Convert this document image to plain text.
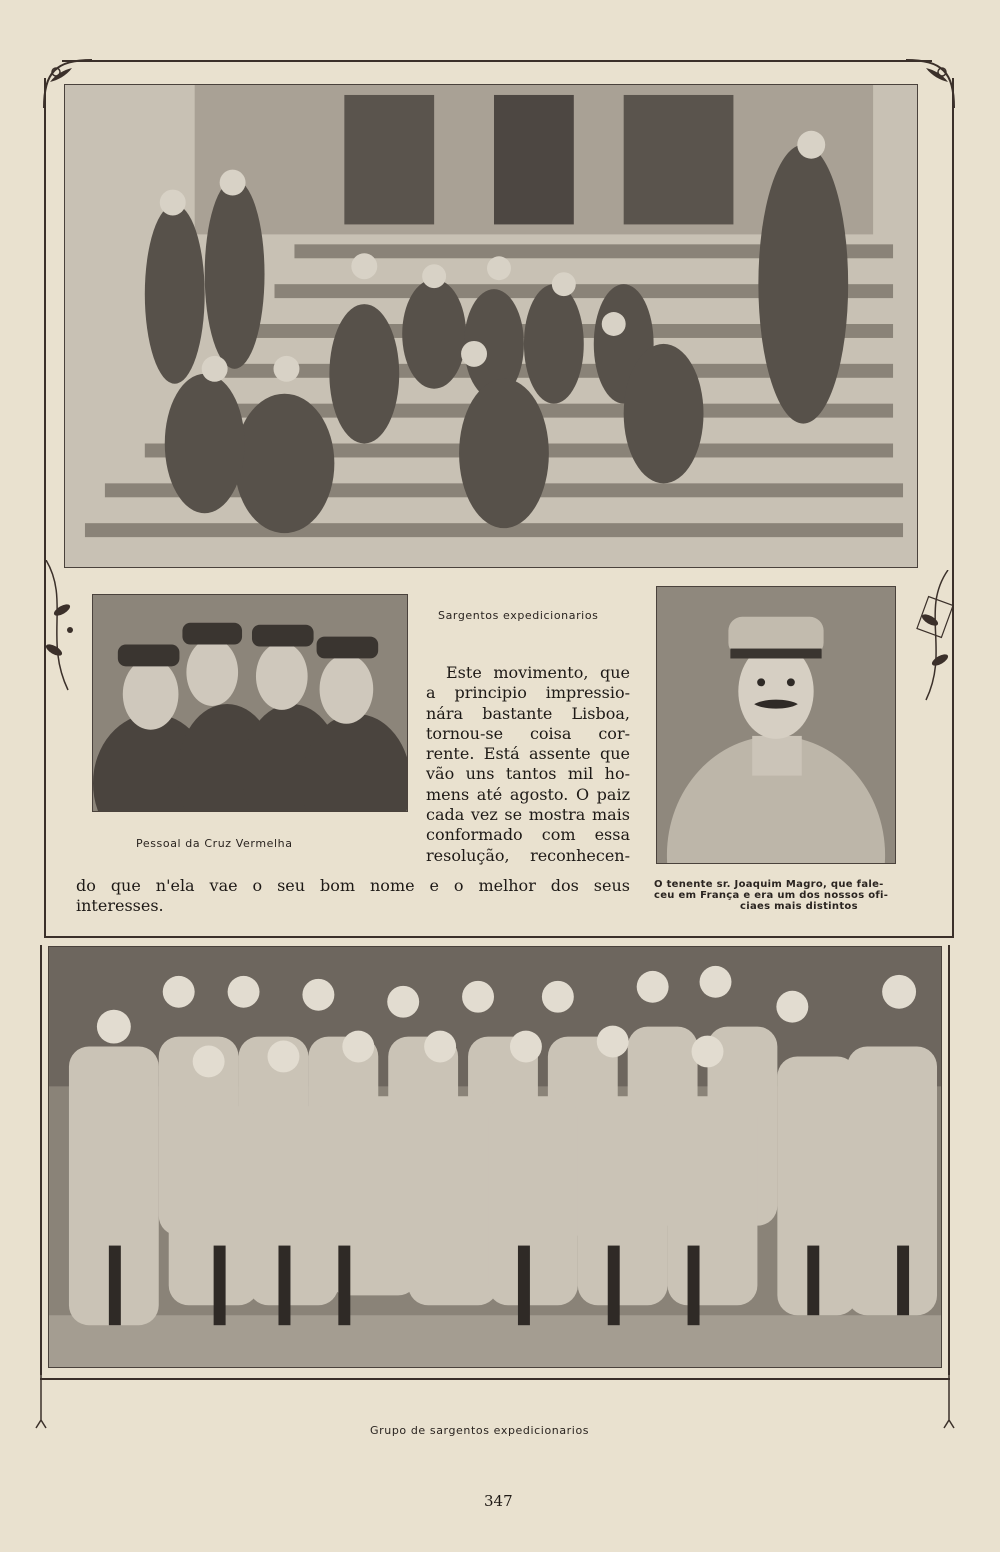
Pessoal da Cruz Vermelha
Sargentos expedicionarios
Este movimento, que
a principio impressio-
nára bastante Lisboa,
tornou-se coisa cor-
rente. Está assente que
vão uns tantos mil ho-
mens até agosto. O paiz
cada vez se mostra mais
conformado com essa
resolução, reconhecen-
do que n'ela vae o seu bom nome e o melhor dos seus
interesses.
O tenente sr. Joaquim Magro, que fale-
ceu em França e era um dos nossos ofi-
ciaes mais distintos
Grupo de sargentos expedicionarios
347
